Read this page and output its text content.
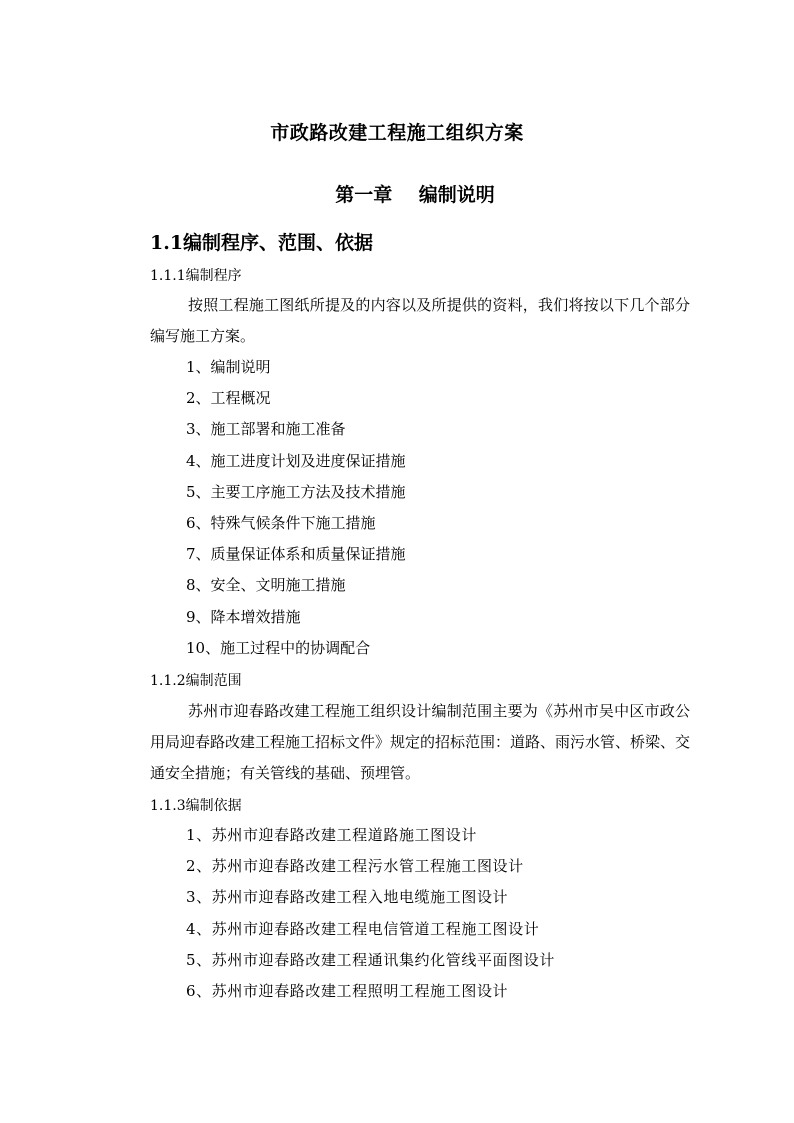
市政路改建工程施工组织方案
第一章    编制说明
1.1编制程序、范围、依据
1.1.1编制程序

按照工程施工图纸所提及的内容以及所提供的资料，我们将按以下几个部分编写施工方案。

1、编制说明
2、工程概况
3、施工部署和施工准备
4、施工进度计划及进度保证措施
5、主要工序施工方法及技术措施
6、特殊气候条件下施工措施
7、质量保证体系和质量保证措施
8、安全、文明施工措施
9、降本增效措施
10、施工过程中的协调配合
1.1.2编制范围

苏州市迎春路改建工程施工组织设计编制范围主要为《苏州市吴中区市政公用局迎春路改建工程施工招标文件》规定的招标范围：道路、雨污水管、桥梁、交通安全措施；有关管线的基础、预埋管。

1.1.3编制依据
1、苏州市迎春路改建工程道路施工图设计
2、苏州市迎春路改建工程污水管工程施工图设计
3、苏州市迎春路改建工程入地电缆施工图设计
4、苏州市迎春路改建工程电信管道工程施工图设计
5、苏州市迎春路改建工程通讯集约化管线平面图设计
6、苏州市迎春路改建工程照明工程施工图设计
